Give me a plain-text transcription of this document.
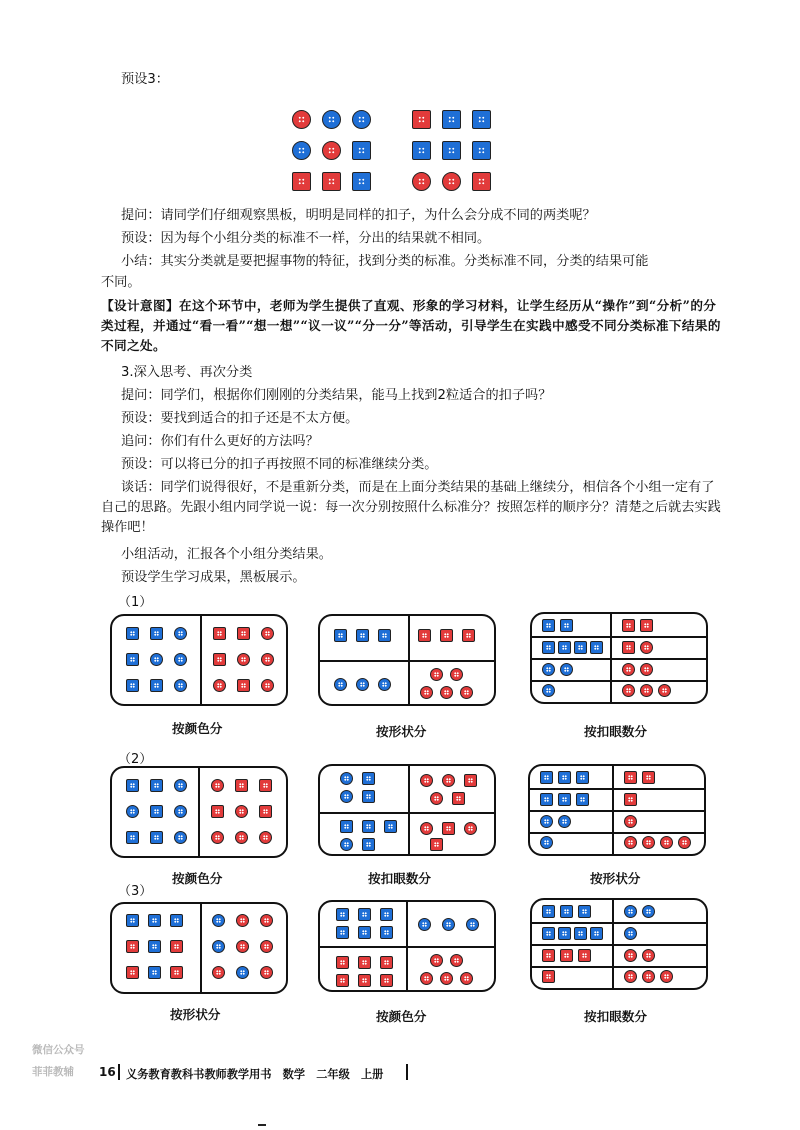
预设3：
提问：请同学们仔细观察黑板，明明是同样的扣子，为什么会分成不同的两类呢？
预设：因为每个小组分类的标准不一样，分出的结果就不相同。
小结：其实分类就是要把握事物的特征，找到分类的标准。分类标准不同，分类的结果可能
不同。
【设计意图】在这个环节中，老师为学生提供了直观、形象的学习材料，让学生经历从“操作”到“分析”的分类过程，并通过“看一看”“想一想”“议一议”“分一分”等活动，引导学生在实践中感受不同分类标准下结果的不同之处。
3.深入思考、再次分类
提问：同学们，根据你们刚刚的分类结果，能马上找到2粒适合的扣子吗？
预设：要找到适合的扣子还是不太方便。
追问：你们有什么更好的方法吗？
预设：可以将已分的扣子再按照不同的标准继续分类。
谈话：同学们说得很好，不是重新分类，而是在上面分类结果的基础上继续分，相信各个小组一定有了自己的思路。先跟小组内同学说一说：每一次分别按照什么标准分？按照怎样的顺序分？清楚之后就去实践操作吧！
小组活动，汇报各个小组分类结果。
预设学生学习成果，黑板展示。
（1）
（2）
（3）
按颜色分	按形状分	按扣眼数分
按颜色分	按扣眼数分	按形状分
按形状分	按颜色分	按扣眼数分
微信公众号
菲菲教辅 16 义务教育教科书教师教学用书　数学　二年级　上册
